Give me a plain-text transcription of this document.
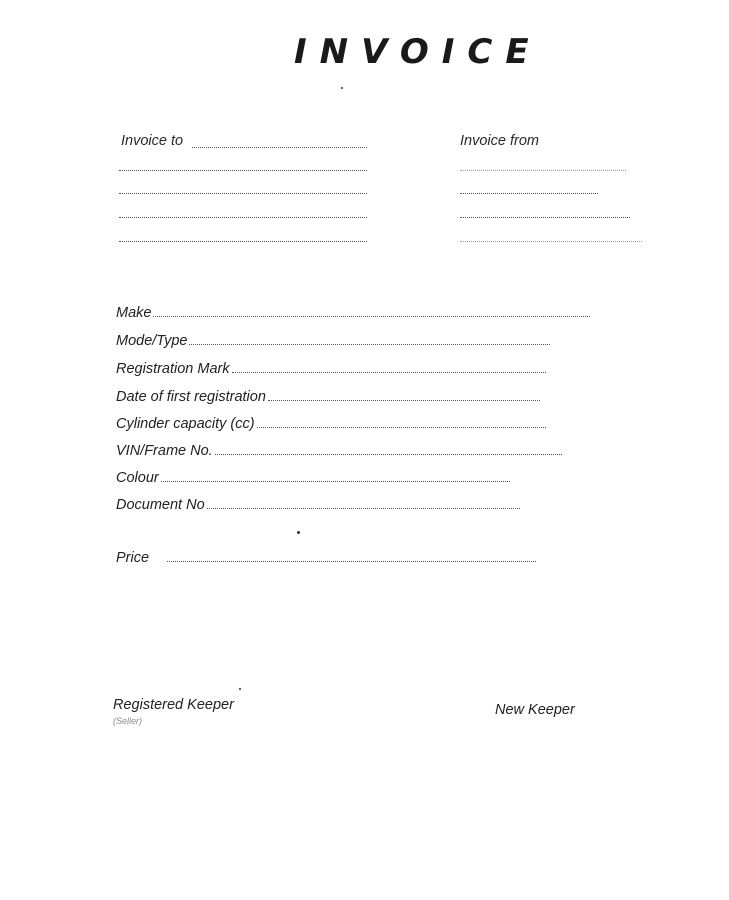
INVOICE
Invoice to	Invoice from
Make
Mode/Type
Registration Mark
Date of first registration
Cylinder capacity (cc)
VIN/Frame No.
Colour
Document No
Price
Registered Keeper
(Seller)
New Keeper
